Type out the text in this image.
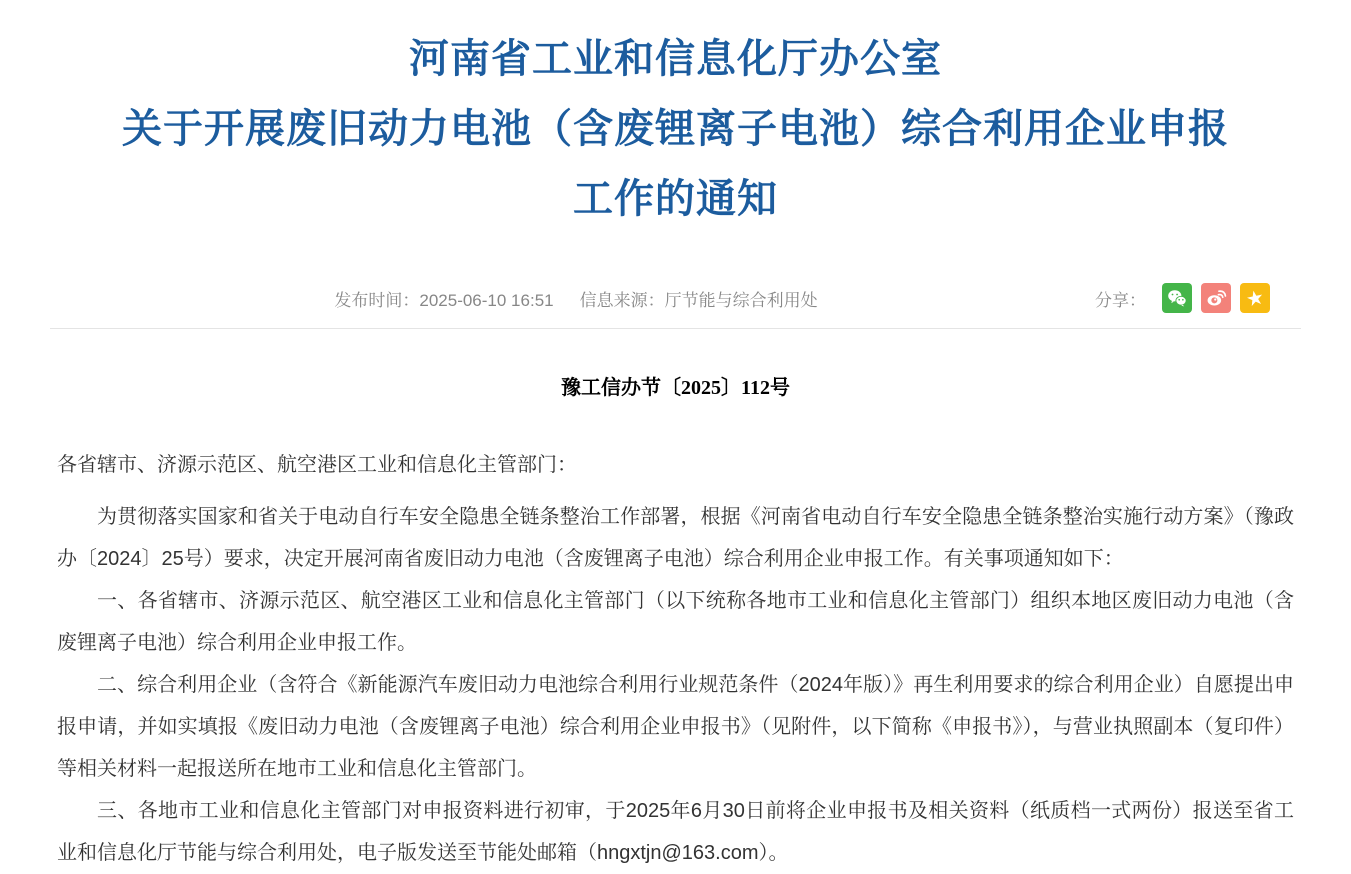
河南省工业和信息化厅办公室
关于开展废旧动力电池（含废锂离子电池）综合利用企业申报
工作的通知
发布时间：2025-06-10 16:51 信息来源：厅节能与综合利用处	分享：	★
豫工信办节〔2025〕112号

各省辖市、济源示范区、航空港区工业和信息化主管部门：

为贯彻落实国家和省关于电动自行车安全隐患全链条整治工作部署，根据《河南省电动自行车安全隐患全链条整治实施行动方案》（豫政办〔2024〕25号）要求，决定开展河南省废旧动力电池（含废锂离子电池）综合利用企业申报工作。有关事项通知如下：

一、各省辖市、济源示范区、航空港区工业和信息化主管部门（以下统称各地市工业和信息化主管部门）组织本地区废旧动力电池（含废锂离子电池）综合利用企业申报工作。

二、综合利用企业（含符合《新能源汽车废旧动力电池综合利用行业规范条件（2024年版）》再生利用要求的综合利用企业）自愿提出申报申请，并如实填报《废旧动力电池（含废锂离子电池）综合利用企业申报书》（见附件，以下简称《申报书》），与营业执照副本（复印件）等相关材料一起报送所在地市工业和信息化主管部门。

三、各地市工业和信息化主管部门对申报资料进行初审，于2025年6月30日前将企业申报书及相关资料（纸质档一式两份）报送至省工业和信息化厅节能与综合利用处，电子版发送至节能处邮箱（hngxtjn@163.com）。
